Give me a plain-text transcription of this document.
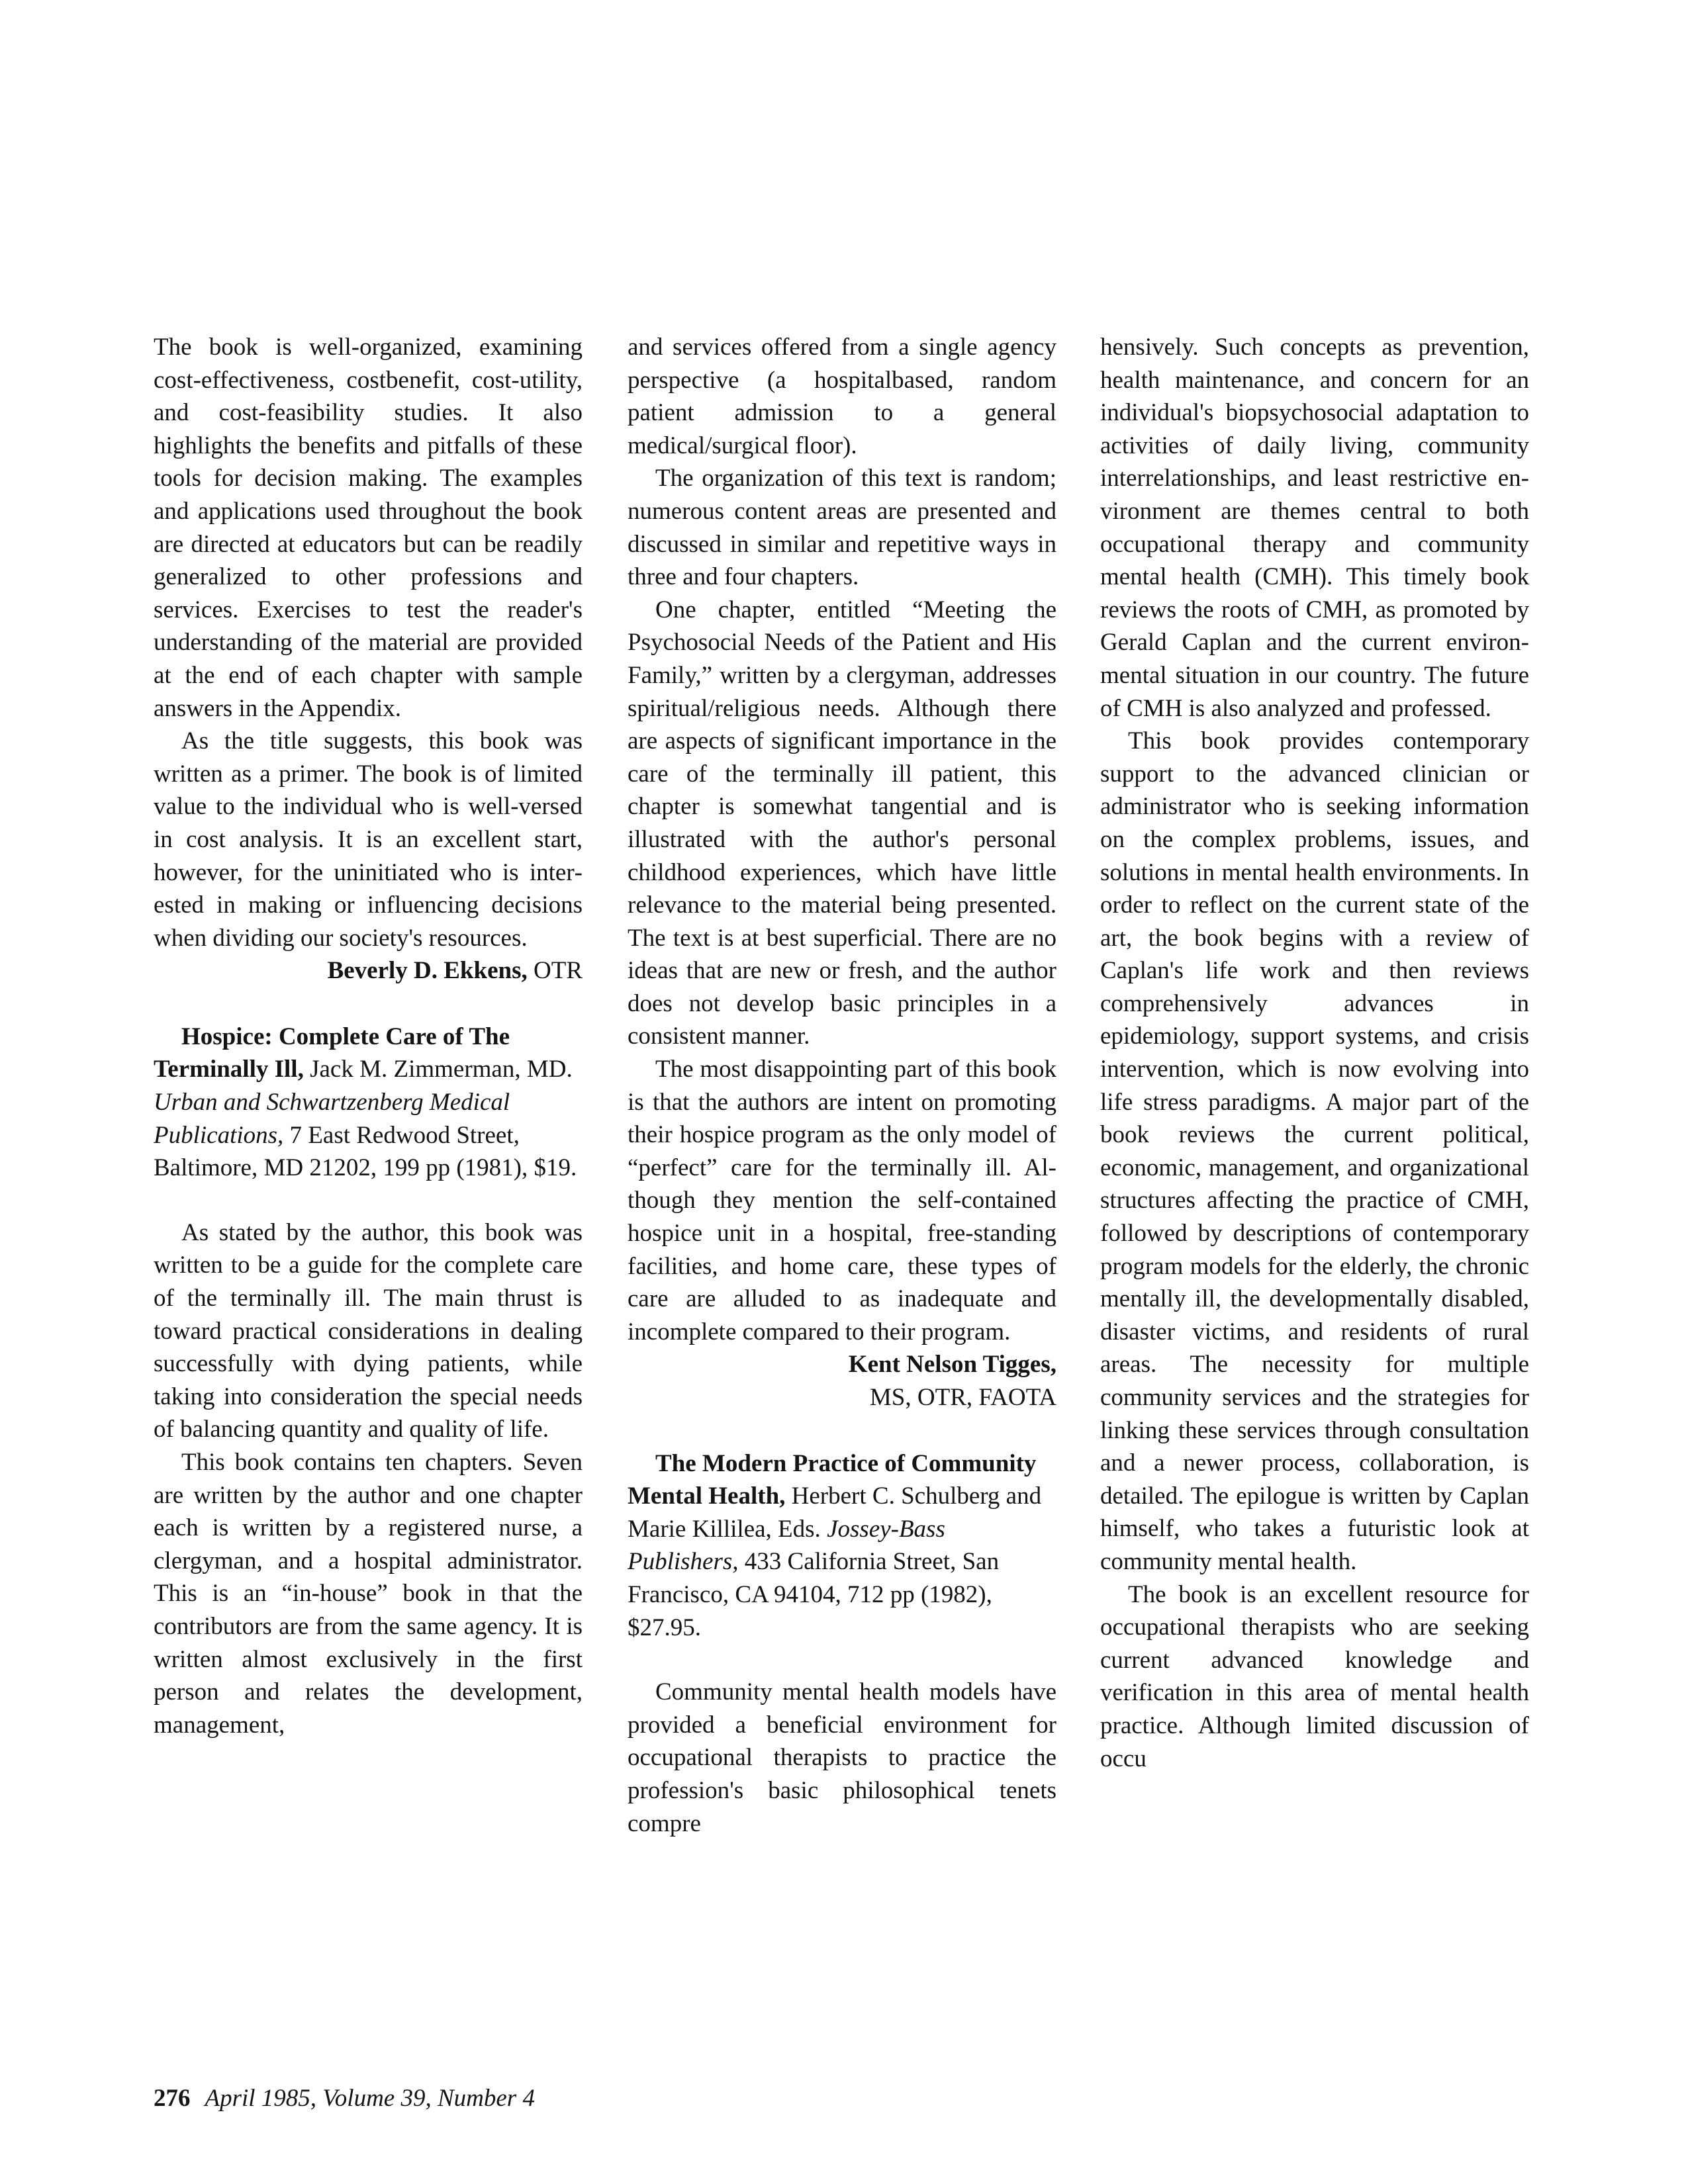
The book is well-organized, examining cost-effectiveness, costbenefit, cost-utility, and cost-feasibility studies. It also highlights the benefits and pitfalls of these tools for decision making. The examples and applications used throughout the book are directed at educators but can be readily generalized to other professions and services. Exercises to test the reader's understanding of the material are provided at the end of each chapter with sample answers in the Appendix.

As the title suggests, this book was written as a primer. The book is of limited value to the individual who is well-versed in cost analysis. It is an excellent start, however, for the uninitiated who is interested in making or influencing decisions when dividing our society's resources.

Beverly D. Ekkens, OTR

Hospice: Complete Care of The Terminally Ill, Jack M. Zimmerman, MD. Urban and Schwartzenberg Medical Publications, 7 East Redwood Street, Baltimore, MD 21202, 199 pp (1981), $19.

As stated by the author, this book was written to be a guide for the complete care of the terminally ill. The main thrust is toward practical considerations in dealing successfully with dying patients, while taking into consideration the special needs of balancing quantity and quality of life.

This book contains ten chapters. Seven are written by the author and one chapter each is written by a registered nurse, a clergyman, and a hospital administrator. This is an “in-house” book in that the contributors are from the same agency. It is written almost exclusively in the first person and relates the development, management,

and services offered from a single agency perspective (a hospitalbased, random patient admission to a general medical/surgical floor).

The organization of this text is random; numerous content areas are presented and discussed in similar and repetitive ways in three and four chapters.

One chapter, entitled “Meeting the Psychosocial Needs of the Patient and His Family,” written by a clergyman, addresses spiritual/religious needs. Although there are aspects of significant importance in the care of the terminally ill patient, this chapter is somewhat tangential and is illustrated with the author's personal childhood experiences, which have little relevance to the material being presented. The text is at best superficial. There are no ideas that are new or fresh, and the author does not develop basic principles in a consistent manner.

The most disappointing part of this book is that the authors are intent on promoting their hospice program as the only model of “perfect” care for the terminally ill. Although they mention the self-contained hospice unit in a hospital, free-standing facilities, and home care, these types of care are alluded to as inadequate and incomplete compared to their program.

Kent Nelson Tigges,

MS, OTR, FAOTA

The Modern Practice of Community Mental Health, Herbert C. Schulberg and Marie Killilea, Eds. Jossey-Bass Publishers, 433 California Street, San Francisco, CA 94104, 712 pp (1982), $27.95.

Community mental health models have provided a beneficial environment for occupational therapists to practice the profession's basic philosophical tenets compre

hensively. Such concepts as prevention, health maintenance, and concern for an individual's biopsychosocial adaptation to activities of daily living, community interrelationships, and least restrictive environment are themes central to both occupational therapy and community mental health (CMH). This timely book reviews the roots of CMH, as promoted by Gerald Caplan and the current environmental situation in our country. The future of CMH is also analyzed and professed.

This book provides contemporary support to the advanced clinician or administrator who is seeking information on the complex problems, issues, and solutions in mental health environments. In order to reflect on the current state of the art, the book begins with a review of Caplan's life work and then reviews comprehensively advances in epidemiology, support systems, and crisis intervention, which is now evolving into life stress paradigms. A major part of the book reviews the current political, economic, management, and organizational structures affecting the practice of CMH, followed by descriptions of contemporary program models for the elderly, the chronic mentally ill, the developmentally disabled, disaster victims, and residents of rural areas. The necessity for multiple community services and the strategies for linking these services through consultation and a newer process, collaboration, is detailed. The epilogue is written by Caplan himself, who takes a futuristic look at community mental health.

The book is an excellent resource for occupational therapists who are seeking current advanced knowledge and verification in this area of mental health practice. Although limited discussion of occu

276 April 1985, Volume 39, Number 4
